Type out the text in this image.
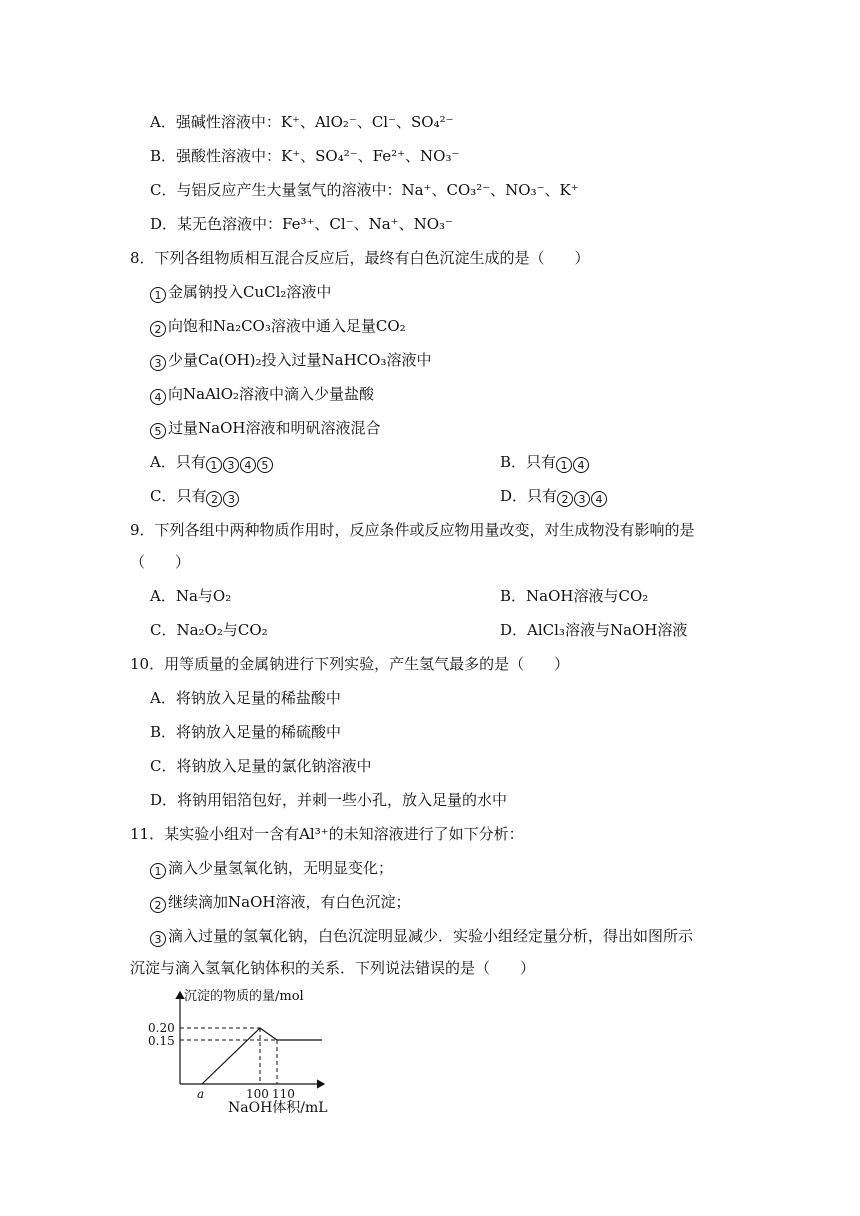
A．强碱性溶液中：K⁺、AlO₂⁻、Cl⁻、SO₄²⁻
B．强酸性溶液中：K⁺、SO₄²⁻、Fe²⁺、NO₃⁻
C．与铝反应产生大量氢气的溶液中：Na⁺、CO₃²⁻、NO₃⁻、K⁺
D．某无色溶液中：Fe³⁺、Cl⁻、Na⁺、NO₃⁻
8．下列各组物质相互混合反应后，最终有白色沉淀生成的是（　　）
1 金属钠投入CuCl₂溶液中
2 向饱和Na₂CO₃溶液中通入足量CO₂
3 少量Ca(OH)₂投入过量NaHCO₃溶液中
4 向NaAlO₂溶液中滴入少量盐酸
5 过量NaOH溶液和明矾溶液混合
A．只有 1 3 4 5	B．只有 1 4
C．只有 2 3	D．只有 2 3 4
9．下列各组中两种物质作用时，反应条件或反应物用量改变，对生成物没有影响的是
（　　）
A．Na与O₂	B．NaOH溶液与CO₂
C．Na₂O₂与CO₂	D．AlCl₃溶液与NaOH溶液
10．用等质量的金属钠进行下列实验，产生氢气最多的是（　　）
A．将钠放入足量的稀盐酸中
B．将钠放入足量的稀硫酸中
C．将钠放入足量的氯化钠溶液中
D．将钠用铝箔包好，并刺一些小孔，放入足量的水中
11．某实验小组对一含有Al³⁺的未知溶液进行了如下分析：
1 滴入少量氢氧化钠，无明显变化；
2 继续滴加NaOH溶液，有白色沉淀；
3 滴入过量的氢氧化钠，白色沉淀明显减少．实验小组经定量分析，得出如图所示
沉淀与滴入氢氧化钠体积的关系．下列说法错误的是（　　）
沉淀的物质的量/mol
0.20
0.15
a	100 110
NaOH体积/mL
